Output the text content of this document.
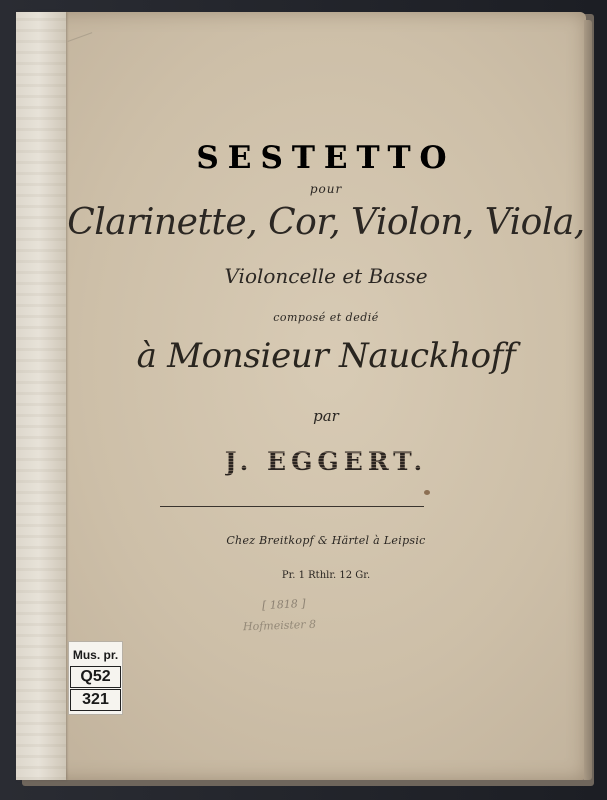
SESTETTO
pour
Clarinette, Cor, Violon, Viola,
Violoncelle et Basse
composé et dedié
à Monsieur Nauckhoff
par
J. EGGERT.
Chez Breitkopf & Härtel à Leipsic
Pr. 1 Rthlr. 12 Gr.
[ 1818 ]
Hofmeister 8
Mus. pr.
Q52
321
